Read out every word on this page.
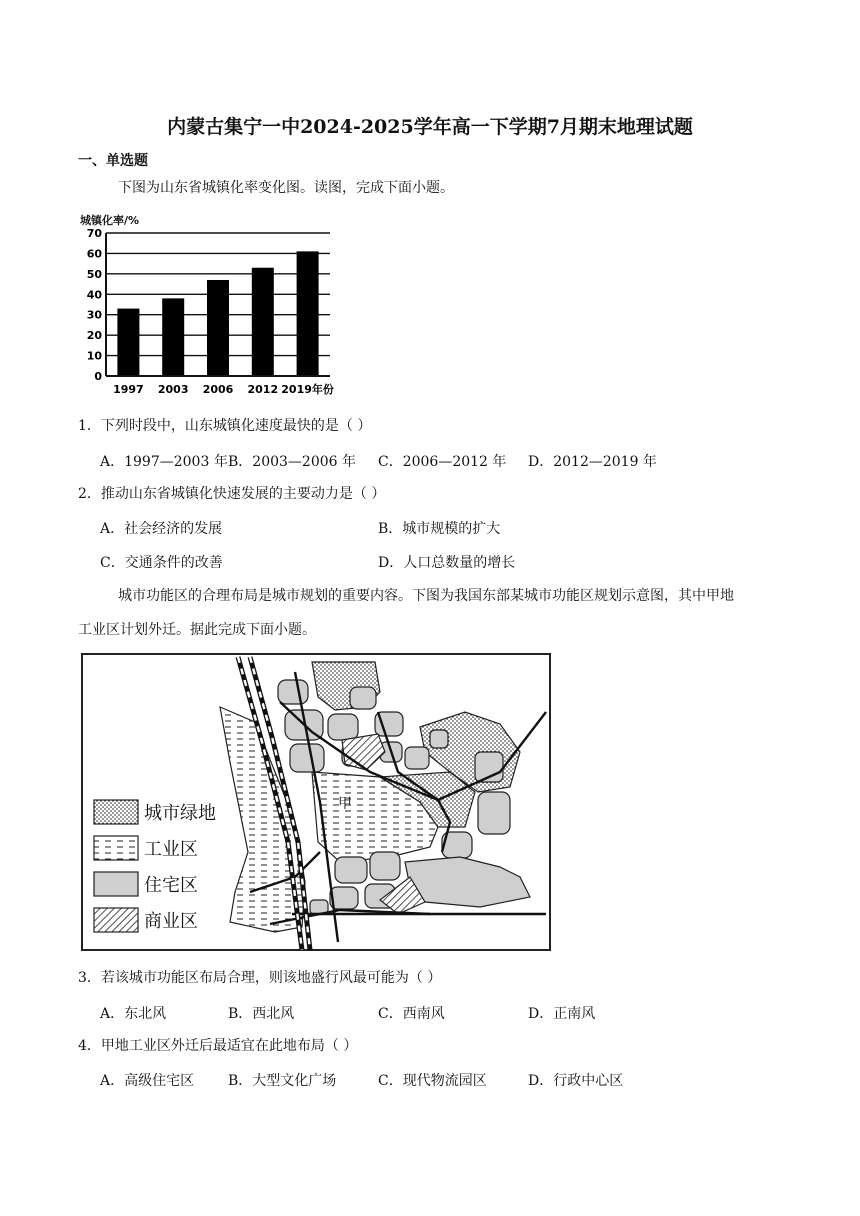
内蒙古集宁一中2024-2025学年高一下学期7月期末地理试题
一、单选题
下图为山东省城镇化率变化图。读图，完成下面小题。
城镇化率/%
0
10
20
30
40
50
60
70
1997 2003 2006 2012 2019年份
1．下列时段中，山东城镇化速度最快的是（ ）
A．1997—2003 年 B．2003—2006 年 C．2006—2012 年 D．2012—2019 年
2．推动山东省城镇化快速发展的主要动力是（ ）
A．社会经济的发展	B．城市规模的扩大
C．交通条件的改善	D．人口总数量的增长
城市功能区的合理布局是城市规划的重要内容。下图为我国东部某城市功能区规划示意图，其中甲地
工业区计划外迁。据此完成下面小题。
甲
城市绿地
工业区
住宅区
商业区
3．若该城市功能区布局合理，则该地盛行风最可能为（ ）
A．东北风	B．西北风	C．西南风	D．正南风
4．甲地工业区外迁后最适宜在此地布局（ ）
A．高级住宅区 B．大型文化广场	C．现代物流园区	D．行政中心区
